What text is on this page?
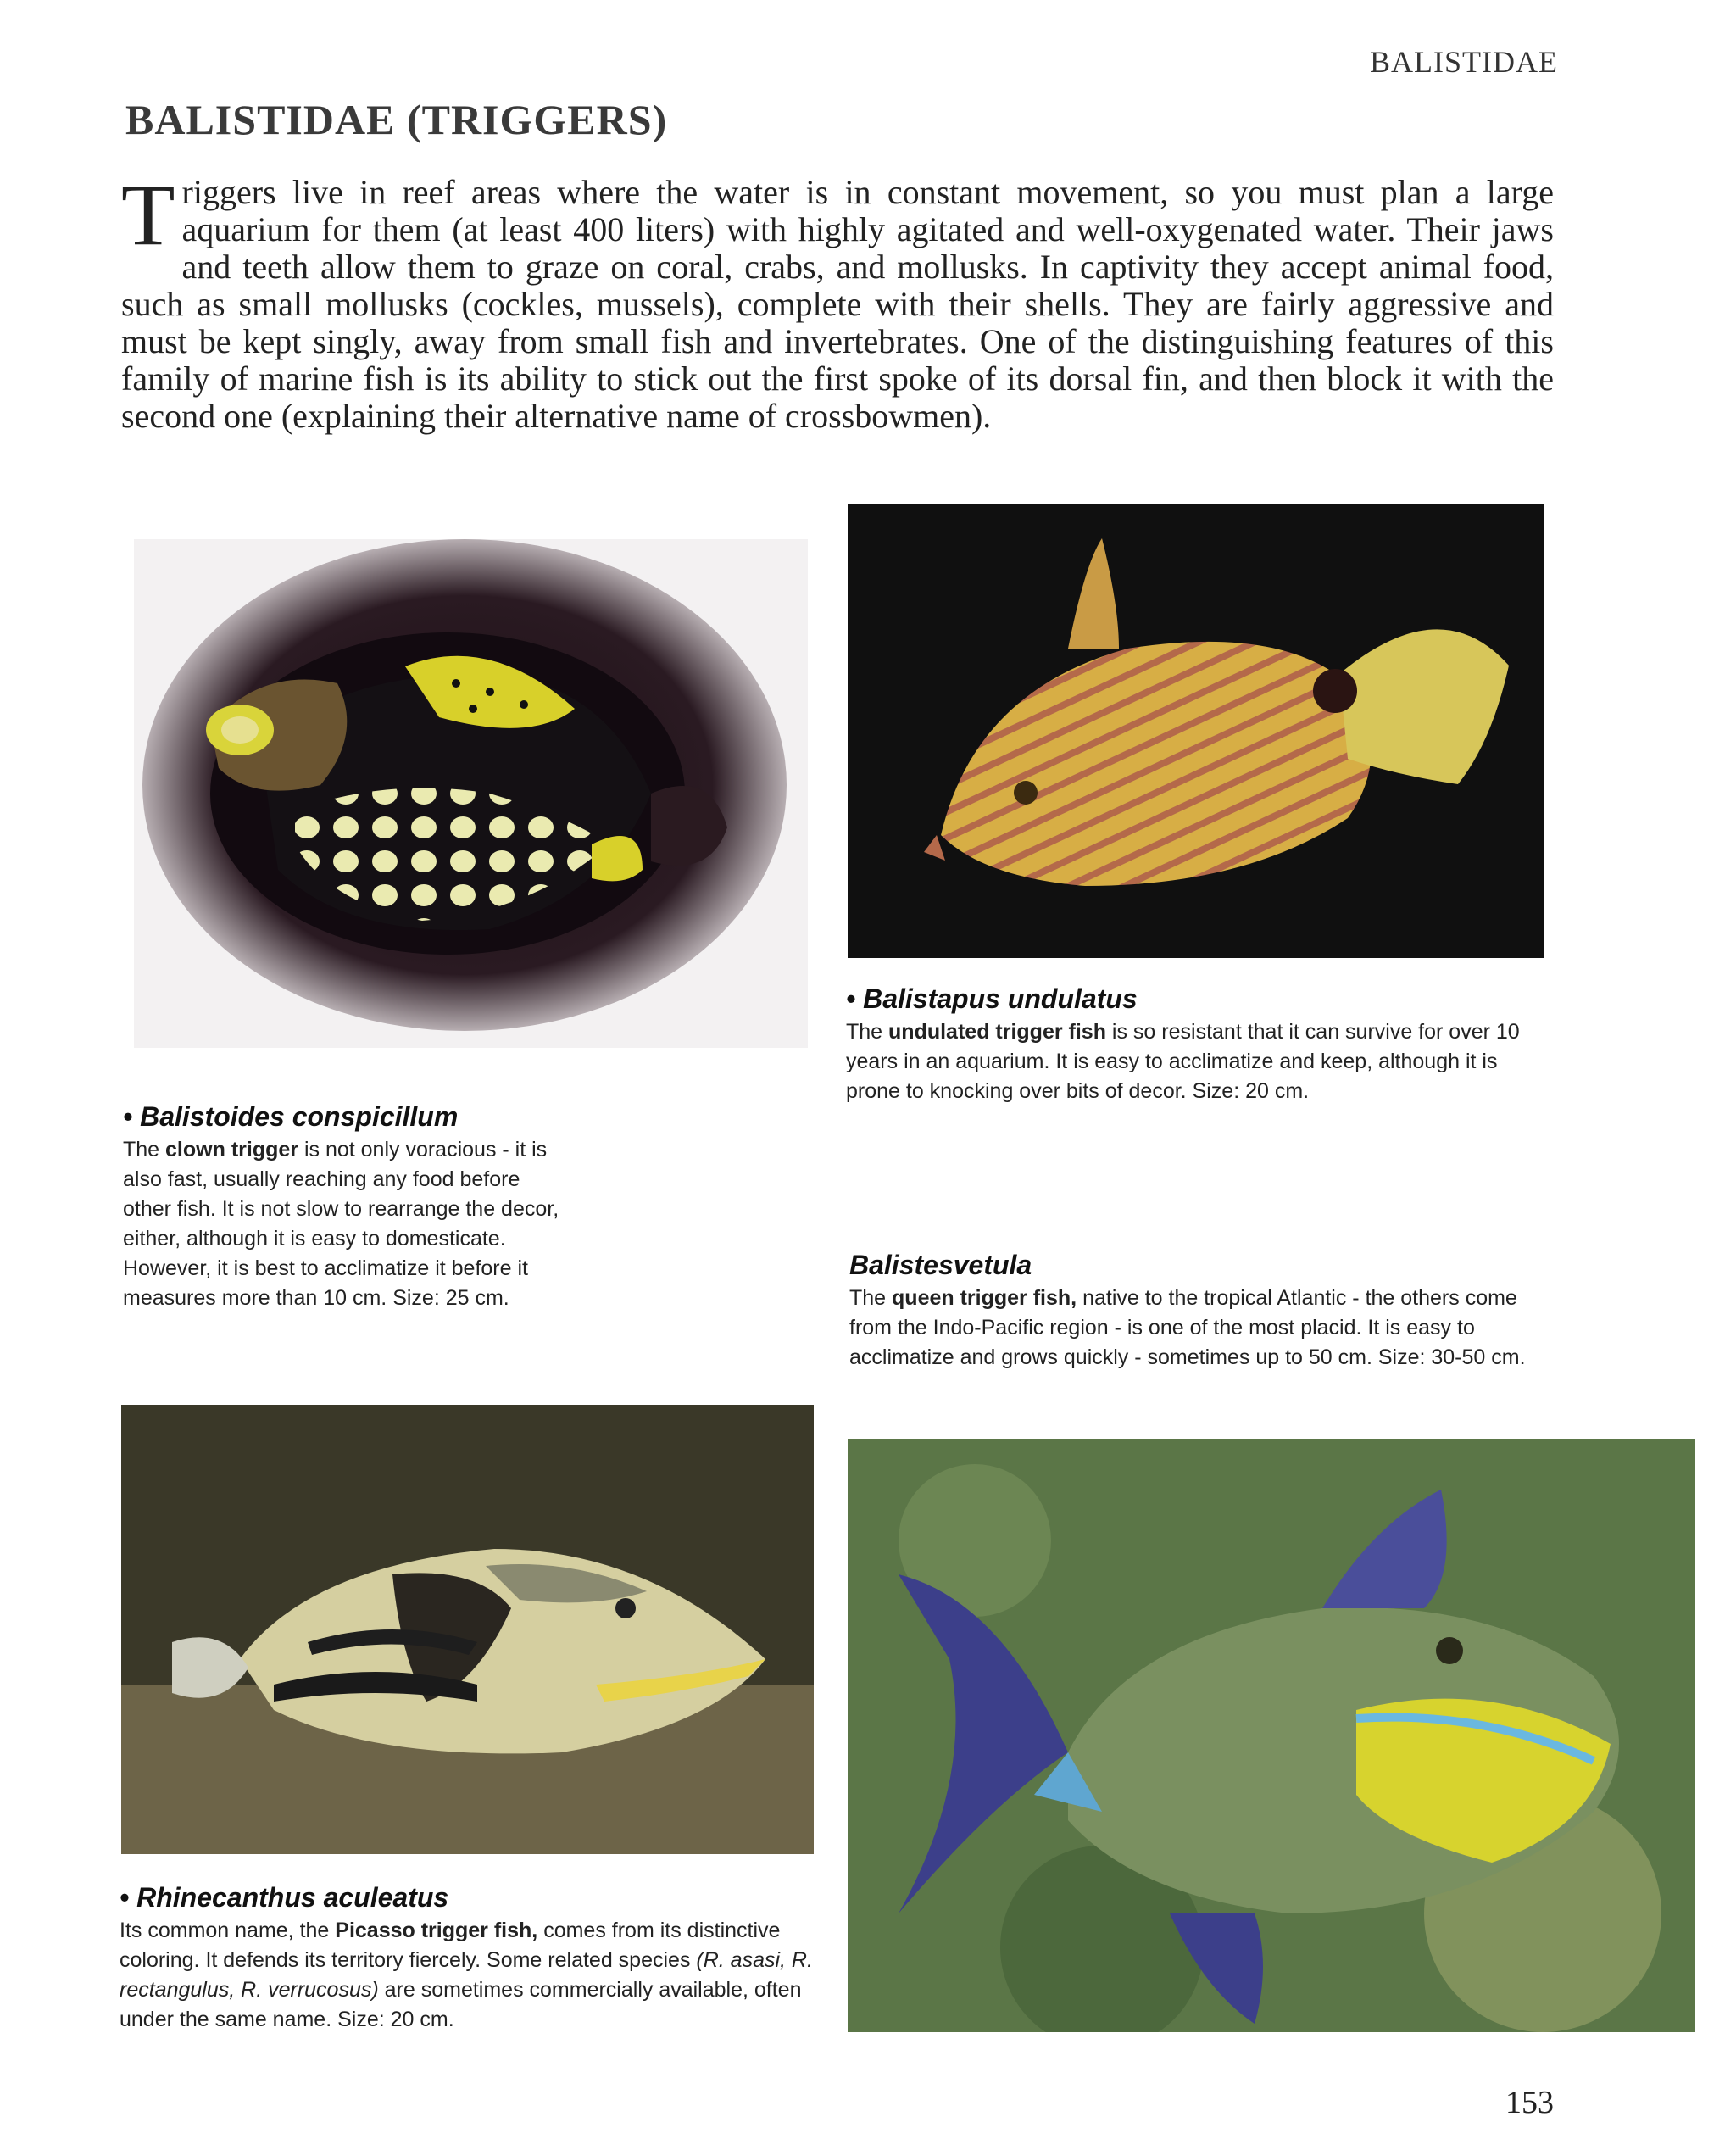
BALISTIDAE
BALISTIDAE (TRIGGERS)
Triggers live in reef areas where the water is in constant movement, so you must plan a large aquarium for them (at least 400 liters) with highly agitated and well-oxygenated water. Their jaws and teeth allow them to graze on coral, crabs, and mollusks. In captivity they accept animal food, such as small mollusks (cockles, mussels), complete with their shells. They are fairly aggressive and must be kept singly, away from small fish and invertebrates. One of the distinguishing features of this family of marine fish is its ability to stick out the first spoke of its dorsal fin, and then block it with the second one (explaining their alternative name of crossbowmen).
• Balistapus undulatus
The undulated trigger fish is so resistant that it can survive for over 10 years in an aquarium. It is easy to acclimatize and keep, although it is prone to knocking over bits of decor. Size: 20 cm.
• Balistoides conspicillum
The clown trigger is not only voracious - it is also fast, usually reaching any food before other fish. It is not slow to rearrange the decor, either, although it is easy to domesticate. However, it is best to acclimatize it before it measures more than 10 cm. Size: 25 cm.
Balistesvetula
The queen trigger fish, native to the tropical Atlantic - the others come from the Indo-Pacific region - is one of the most placid. It is easy to acclimatize and grows quickly - sometimes up to 50 cm. Size: 30-50 cm.
• Rhinecanthus aculeatus
Its common name, the Picasso trigger fish, comes from its distinctive coloring. It defends its territory fiercely. Some related species (R. asasi, R. rectangulus, R. verrucosus) are sometimes commercially available, often under the same name. Size: 20 cm.
153
